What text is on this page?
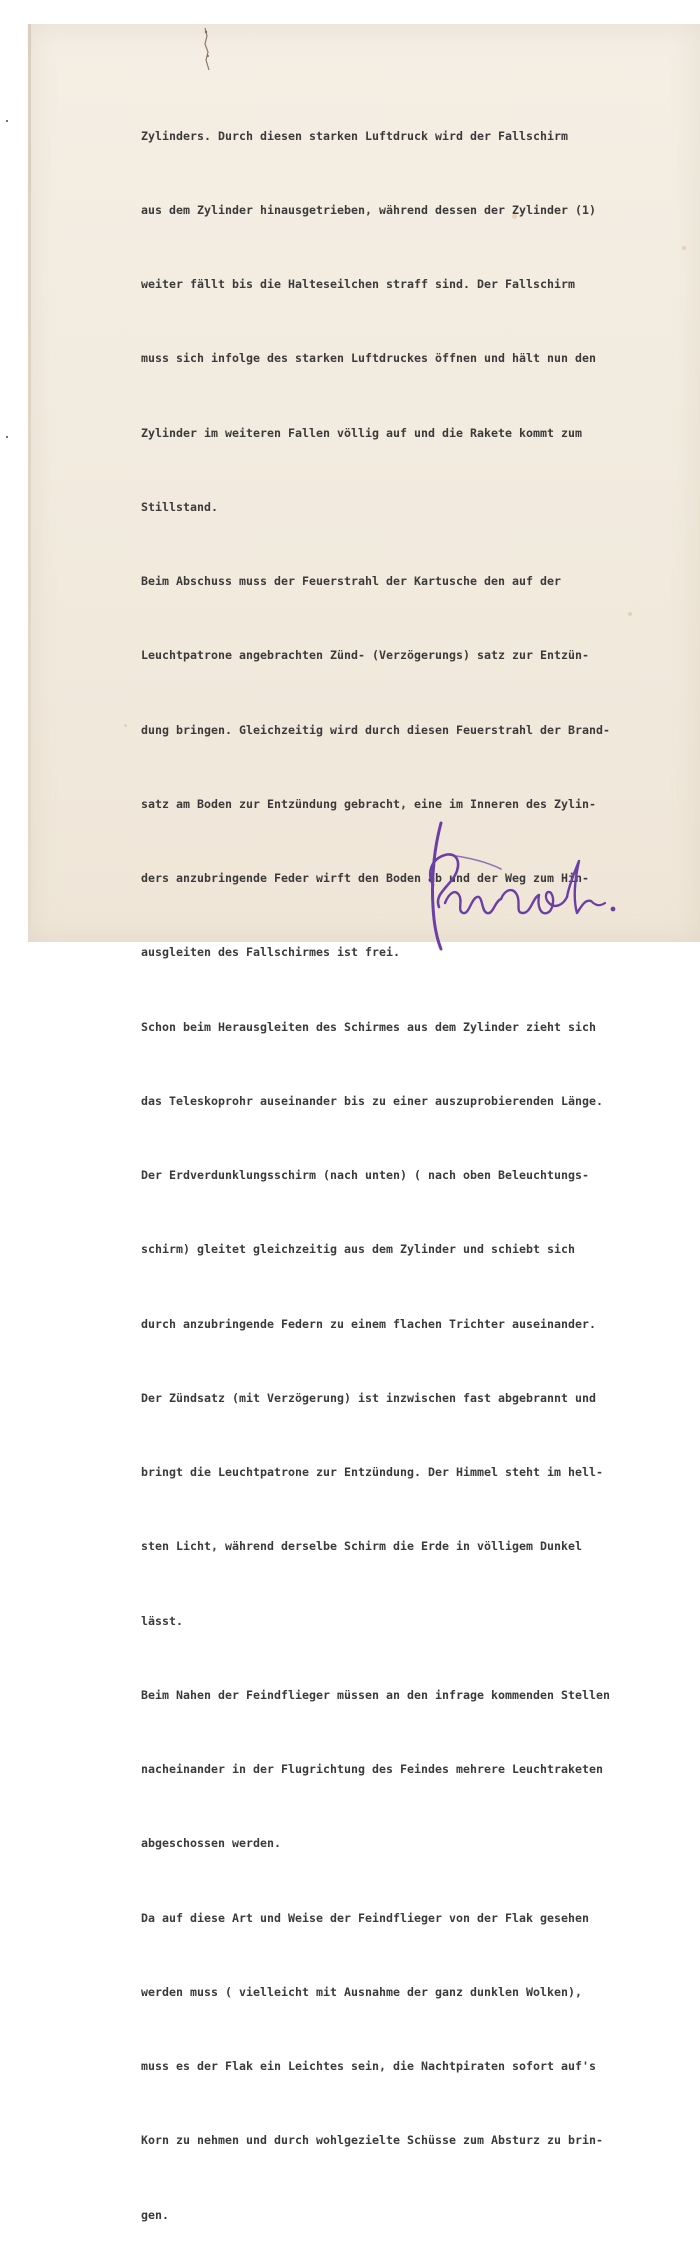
Zylinders. Durch diesen starken Luftdruck wird der Fallschirm

aus dem Zylinder hinausgetrieben, während dessen der Zylinder (1)

weiter fällt bis die Halteseilchen straff sind. Der Fallschirm

muss sich infolge des starken Luftdruckes öffnen und hält nun den

Zylinder im weiteren Fallen völlig auf und die Rakete kommt zum

Stillstand.

Beim Abschuss muss der Feuerstrahl der Kartusche den auf der

Leuchtpatrone angebrachten Zünd- (Verzögerungs) satz zur Entzün-

dung bringen. Gleichzeitig wird durch diesen Feuerstrahl der Brand-

satz am Boden zur Entzündung gebracht, eine im Inneren des Zylin-

ders anzubringende Feder wirft den Boden ab und der Weg zum Hin-

ausgleiten des Fallschirmes ist frei.

Schon beim Herausgleiten des Schirmes aus dem Zylinder zieht sich

das Teleskoprohr auseinander bis zu einer auszuprobierenden Länge.

Der Erdverdunklungsschirm (nach unten) ( nach oben Beleuchtungs-

schirm) gleitet gleichzeitig aus dem Zylinder und schiebt sich

durch anzubringende Federn zu einem flachen Trichter auseinander.

Der Zündsatz (mit Verzögerung) ist inzwischen fast abgebrannt und

bringt die Leuchtpatrone zur Entzündung. Der Himmel steht im hell-

sten Licht, während derselbe Schirm die Erde in völligem Dunkel

lässt.

Beim Nahen der Feindflieger müssen an den infrage kommenden Stellen

nacheinander in der Flugrichtung des Feindes mehrere Leuchtraketen

abgeschossen werden.

Da auf diese Art und Weise der Feindflieger von der Flak gesehen

werden muss ( vielleicht mit Ausnahme der ganz dunklen Wolken),

muss es der Flak ein Leichtes sein, die Nachtpiraten sofort auf's

Korn zu nehmen und durch wohlgezielte Schüsse zum Absturz zu brin-

gen.
